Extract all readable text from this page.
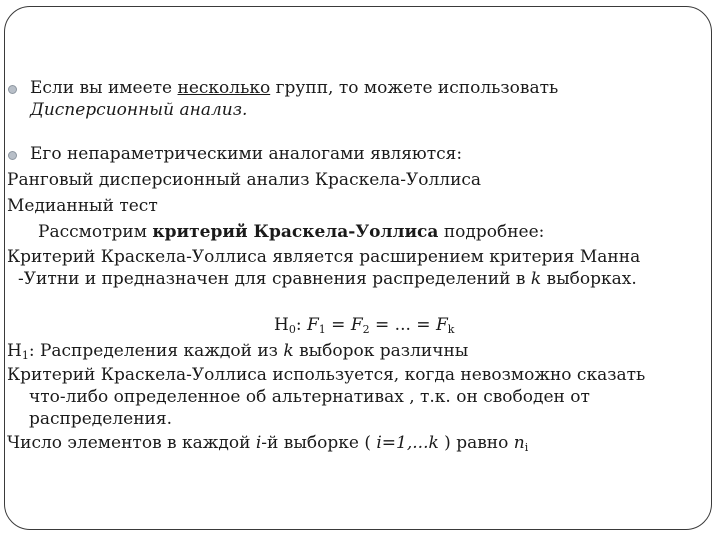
Если вы имеете несколько групп, то можете использовать
Дисперсионный анализ.
Его непараметрическими аналогами являются:
Ранговый дисперсионный анализ Краскела-Уоллиса
Медианный тест
Рассмотрим критерий Краскела-Уоллиса подробнее:
Критерий Краскела-Уоллиса является расширением критерия Манна
-Уитни и предназначен для сравнения распределений в k выборках.
$H_0$: $F_1 = F_2$ = ... = $F_k$
$H_1$: Распределения каждой из k выборок различны
Критерий Краскела-Уоллиса используется, когда невозможно сказать
что-либо определенное об альтернативах , т.к. он свободен от
распределения.
Число элементов в каждой i-й выборке ( i=1,...k ) равно $n_i$
